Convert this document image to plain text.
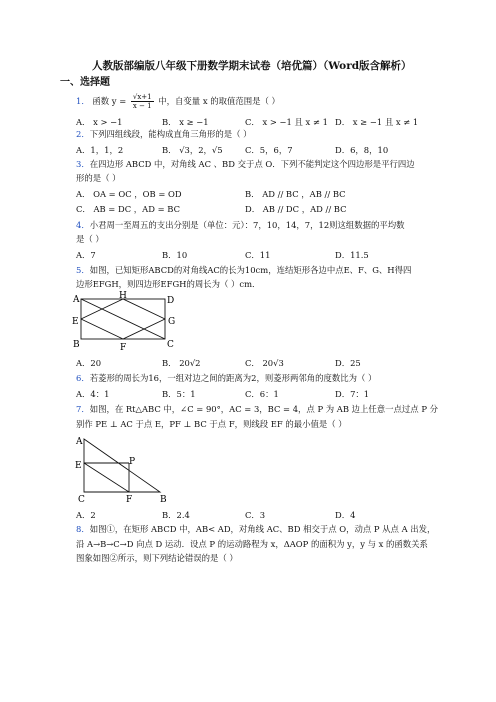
人教版部编版八年级下册数学期末试卷（培优篇）（Word版含解析）
一、选择题
1． 函数 $y = \frac{√x+1}{x - 1}$ 中，自变量 x 的取值范围是（ ）
A． x > −1	B． x ≥ −1	C． x > −1 且 x ≠ 1 D． x ≥ −1 且 x ≠ 1
2．下列四组线段，能构成直角三角形的是（ ）
A．1，1，2	B． √3，2，√5	C．5，6，7	D．6，8，10
3．在四边形 ABCD 中，对角线 AC 、BD 交于点 O．下列不能判定这个四边形是平行四边
形的是（ ）
A． OA = OC ，OB = OD	B． AD // BC ，AB // BC
C． AB = DC ，AD = BC	D． AB // DC ，AD // BC
4．小君周一至周五的支出分别是（单位：元）：7，10，14，7，12则这组数据的平均数
是（ ）
A．7	B．10	C．11	D．11.5
5．如图，已知矩形ABCD的对角线AC的长为10cm，连结矩形各边中点E、F、G、H得四
边形EFGH，则四边形EFGH的周长为（ ）cm．
A	H	D
E	G
B	F	C
A．20	B． 20√2	C． 20√3	D．25
6．若菱形的周长为16，一组对边之间的距离为2，则菱形两邻角的度数比为（ ）
A．4：1	B．5：1	C．6：1	D．7：1
7．如图，在 Rt△ABC 中，∠C = 90°，AC = 3，BC = 4，点 P 为 AB 边上任意一点过点 P 分
别作 PE ⊥ AC 于点 E，PF ⊥ BC 于点 F，则线段 EF 的最小值是（ ）
A
E	P
C	F	B
A．2	B．2.4	C．3	D．4
8．如图①，在矩形 ABCD 中，AB< AD，对角线 AC、BD 相交于点 O，动点 P 从点 A 出发，
沿 A→B→C→D 向点 D 运动．设点 P 的运动路程为 x，ΔAOP 的面积为 y，y 与 x 的函数关系
图象如图②所示，则下列结论错误的是（ ）
